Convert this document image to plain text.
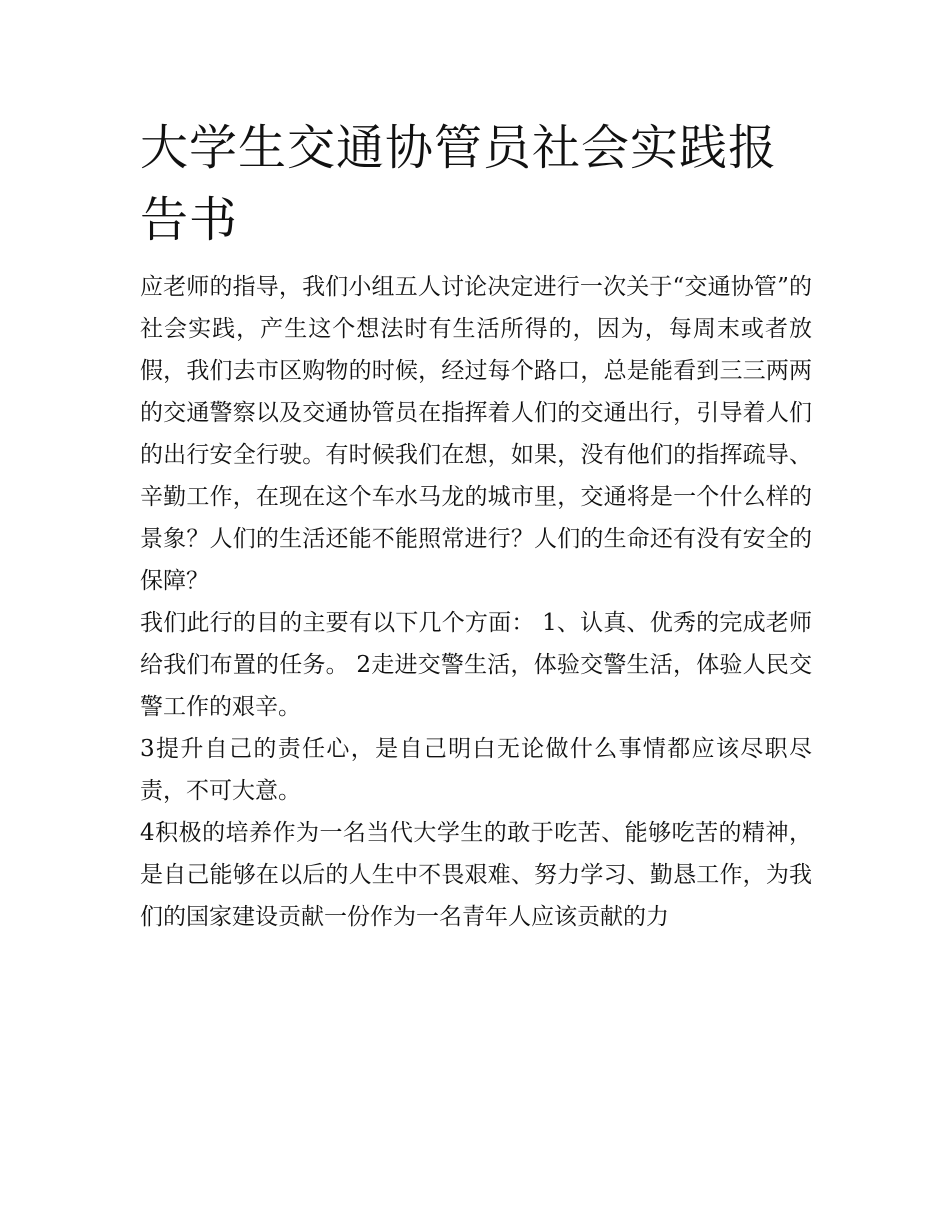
大学生交通协管员社会实践报告书

应老师的指导，我们小组五人讨论决定进行一次关于“交通协管”的社会实践，产生这个想法时有生活所得的，因为，每周末或者放假，我们去市区购物的时候，经过每个路口，总是能看到三三两两的交通警察以及交通协管员在指挥着人们的交通出行，引导着人们的出行安全行驶。有时候我们在想，如果，没有他们的指挥疏导、辛勤工作，在现在这个车水马龙的城市里，交通将是一个什么样的景象？人们的生活还能不能照常进行？人们的生命还有没有安全的保障？

我们此行的目的主要有以下几个方面： 1、认真、优秀的完成老师给我们布置的任务。 2走进交警生活，体验交警生活，体验人民交警工作的艰辛。

3提升自己的责任心，是自己明白无论做什么事情都应该尽职尽责，不可大意。

4积极的培养作为一名当代大学生的敢于吃苦、能够吃苦的精神，是自己能够在以后的人生中不畏艰难、努力学习、勤恳工作，为我们的国家建设贡献一份作为一名青年人应该贡献的力
